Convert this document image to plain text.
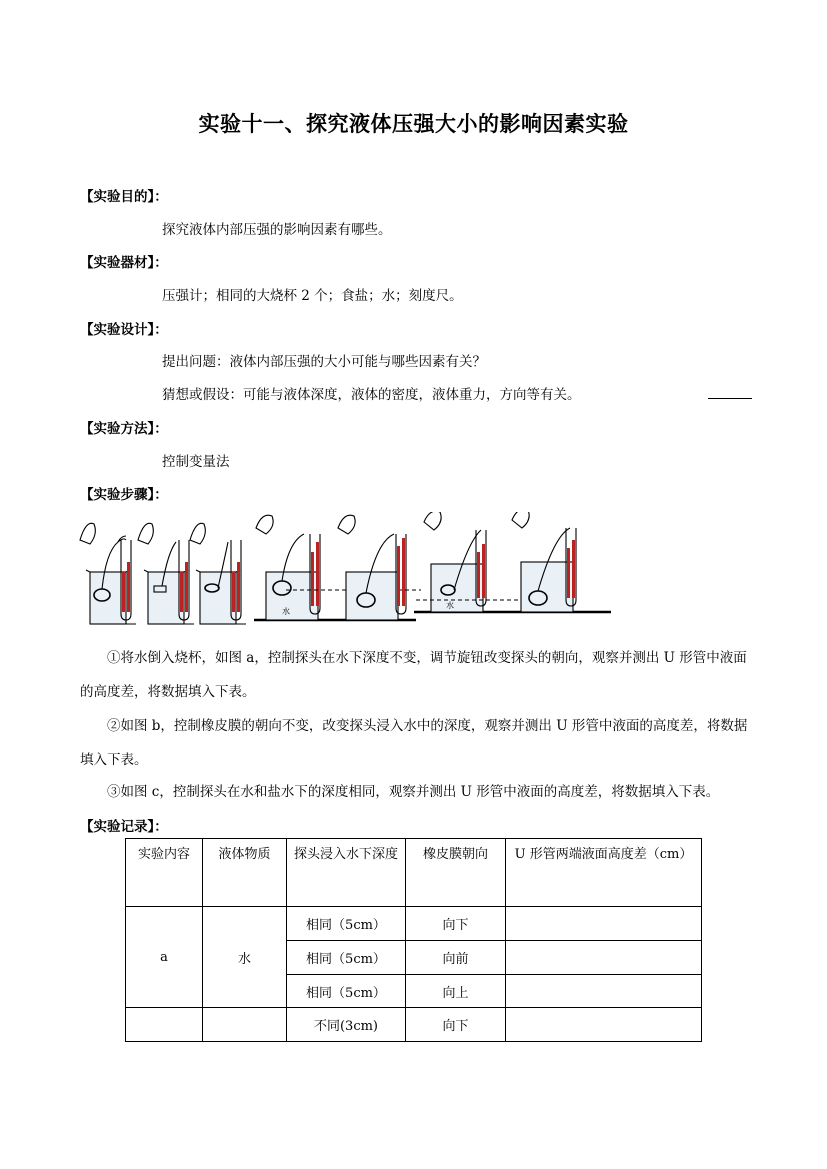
实验十一、探究液体压强大小的影响因素实验
【实验目的】：
探究液体内部压强的影响因素有哪些。
【实验器材】：
压强计；相同的大烧杯 2 个；食盐；水；刻度尺。
【实验设计】：
提出问题：液体内部压强的大小可能与哪些因素有关？
猜想或假设：可能与液体深度，液体的密度，液体重力，方向等有关。
【实验方法】：
控制变量法
【实验步骤】：
水
水
①将水倒入烧杯，如图 a，控制探头在水下深度不变，调节旋钮改变探头的朝向，观察并测出 U 形管中液面的高度差，将数据填入下表。
②如图 b，控制橡皮膜的朝向不变，改变探头浸入水中的深度，观察并测出 U 形管中液面的高度差，将数据填入下表。
③如图 c，控制探头在水和盐水下的深度相同，观察并测出 U 形管中液面的高度差，将数据填入下表。
【实验记录】：
实验内容	液体物质	探头浸入水下深度	橡皮膜朝向	U 形管两端液面高度差（cm）
a	水	相同（5cm）	向下	
		相同（5cm）	向前	
		相同（5cm）	向上	
		不同(3cm)	向下	
